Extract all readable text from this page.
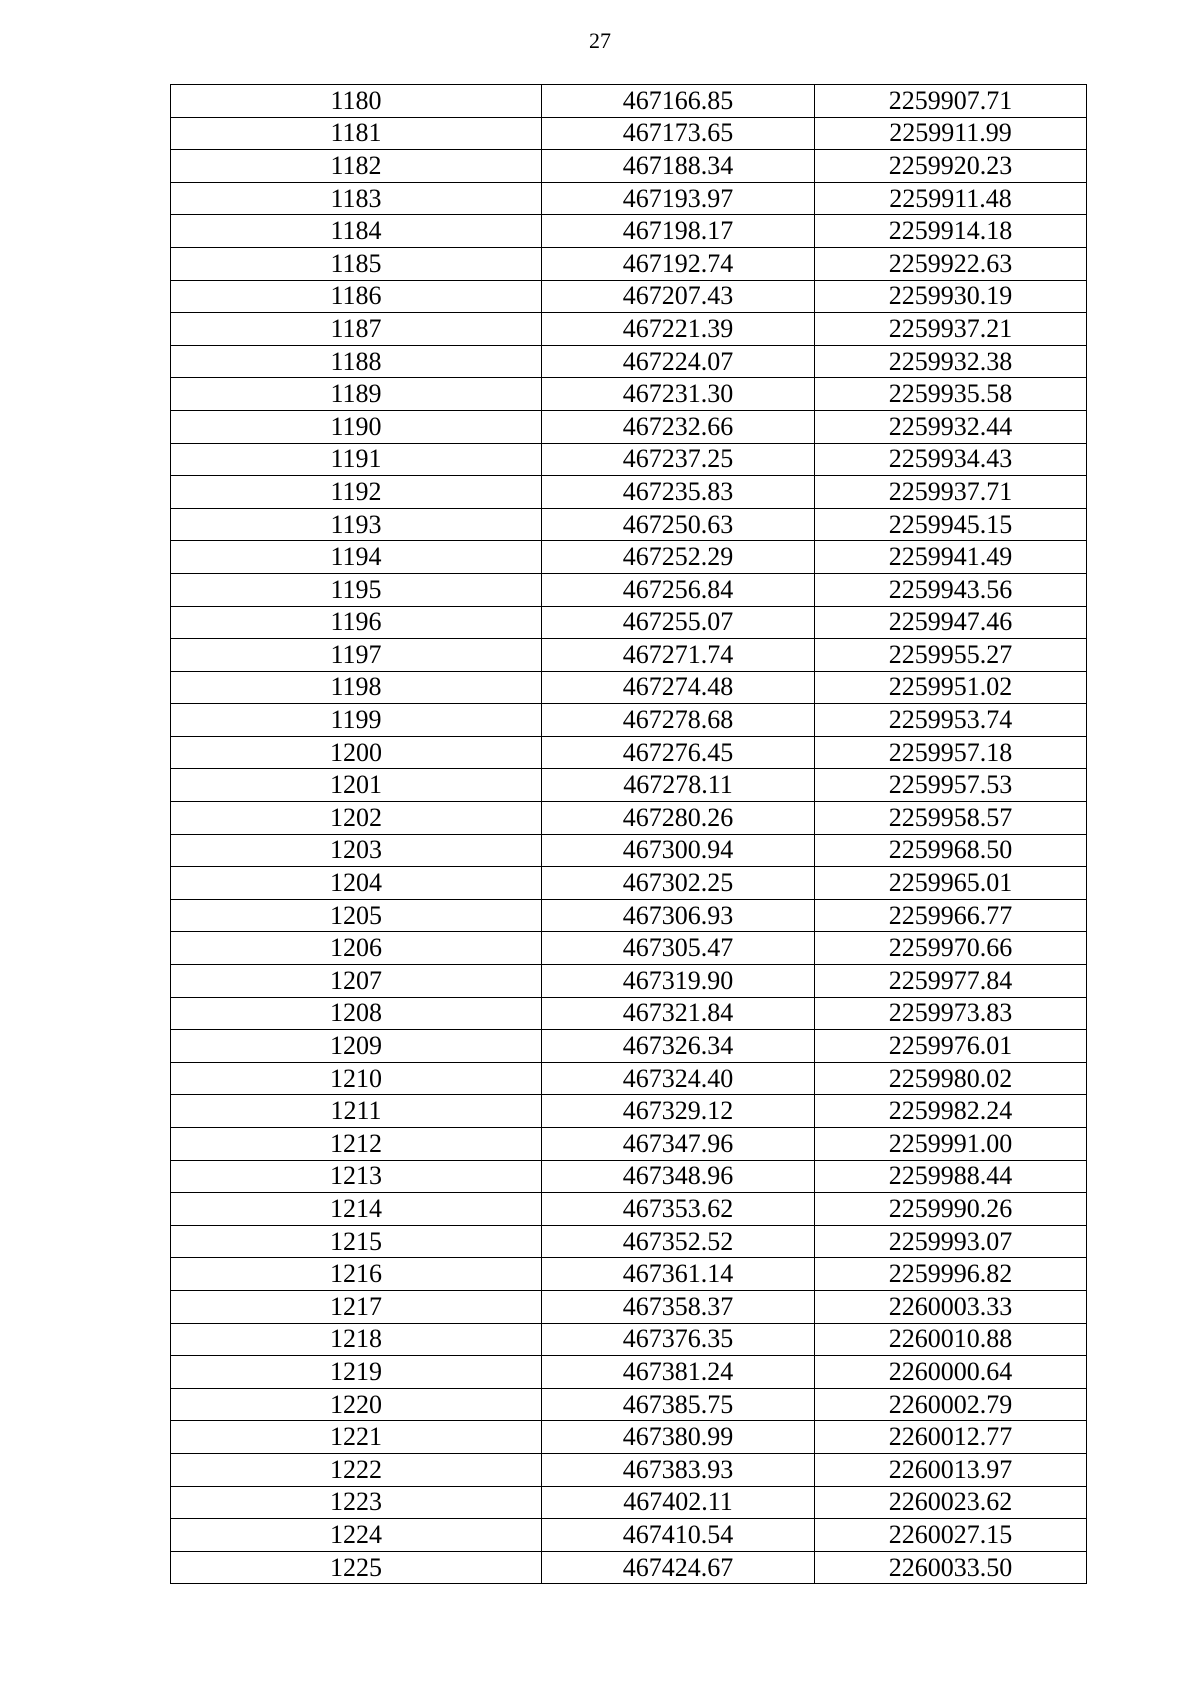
27
1180	467166.85	2259907.71
1181	467173.65	2259911.99
1182	467188.34	2259920.23
1183	467193.97	2259911.48
1184	467198.17	2259914.18
1185	467192.74	2259922.63
1186	467207.43	2259930.19
1187	467221.39	2259937.21
1188	467224.07	2259932.38
1189	467231.30	2259935.58
1190	467232.66	2259932.44
1191	467237.25	2259934.43
1192	467235.83	2259937.71
1193	467250.63	2259945.15
1194	467252.29	2259941.49
1195	467256.84	2259943.56
1196	467255.07	2259947.46
1197	467271.74	2259955.27
1198	467274.48	2259951.02
1199	467278.68	2259953.74
1200	467276.45	2259957.18
1201	467278.11	2259957.53
1202	467280.26	2259958.57
1203	467300.94	2259968.50
1204	467302.25	2259965.01
1205	467306.93	2259966.77
1206	467305.47	2259970.66
1207	467319.90	2259977.84
1208	467321.84	2259973.83
1209	467326.34	2259976.01
1210	467324.40	2259980.02
1211	467329.12	2259982.24
1212	467347.96	2259991.00
1213	467348.96	2259988.44
1214	467353.62	2259990.26
1215	467352.52	2259993.07
1216	467361.14	2259996.82
1217	467358.37	2260003.33
1218	467376.35	2260010.88
1219	467381.24	2260000.64
1220	467385.75	2260002.79
1221	467380.99	2260012.77
1222	467383.93	2260013.97
1223	467402.11	2260023.62
1224	467410.54	2260027.15
1225	467424.67	2260033.50
